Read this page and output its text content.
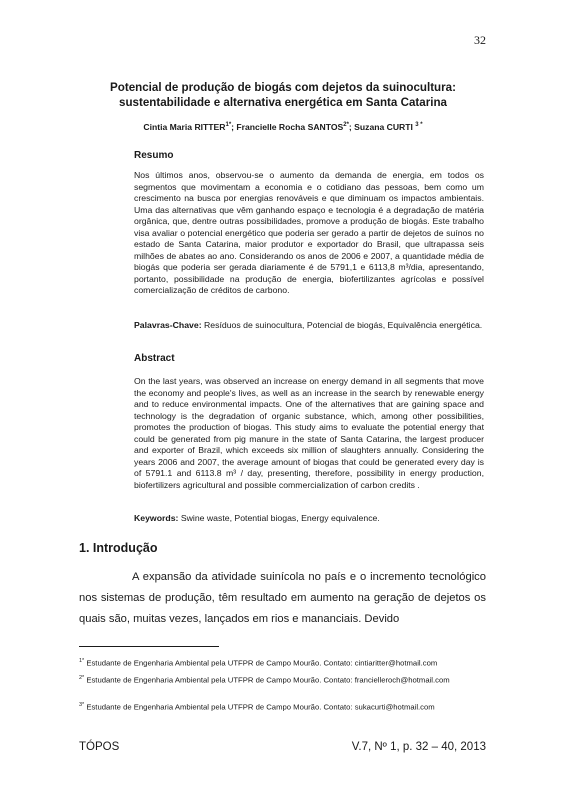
32
Potencial de produção de biogás com dejetos da suinocultura:
sustentabilidade e alternativa energética em Santa Catarina
Cintia Maria $RITTER^{1*}$; Francielle Rocha $SANTOS^{2*}$; Suzana CURTI $^{3 *}$
Resumo

Nos últimos anos, observou-se o aumento da demanda de energia, em todos os segmentos que movimentam a economia e o cotidiano das pessoas, bem como um crescimento na busca por energias renováveis e que diminuam os impactos ambientais. Uma das alternativas que vêm ganhando espaço e tecnologia é a degradação de matéria orgânica, que, dentre outras possibilidades, promove a produção de biogás. Este trabalho visa avaliar o potencial energético que poderia ser gerado a partir de dejetos de suínos no estado de Santa Catarina, maior produtor e exportador do Brasil, que ultrapassa seis milhões de abates ao ano. Considerando os anos de 2006 e 2007, a quantidade média de biogás que poderia ser gerada diariamente é de 5791,1 e 6113,8 m³/dia, apresentando, portanto, possibilidade na produção de energia, biofertilizantes agrícolas e possível comercialização de créditos de carbono.

Palavras-Chave: Resíduos de suinocultura, Potencial de biogás, Equivalência energética.

Abstract

On the last years, was observed an increase on energy demand in all segments that move the economy and people's lives, as well as an increase in the search by renewable energy and to reduce environmental impacts. One of the alternatives that are gaining space and technology is the degradation of organic substance, which, among other possibilities, promotes the production of biogas. This study aims to evaluate the potential energy that could be generated from pig manure in the state of Santa Catarina, the largest producer and exporter of Brazil, which exceeds six million of slaughters annually. Considering the years 2006 and 2007, the average amount of biogas that could be generated every day is of 5791.1 and 6113.8 m³ / day, presenting, therefore, possibility in energy production, biofertilizers agricultural and possible commercialization of carbon credits .

Keywords: Swine waste, Potential biogas, Energy equivalence.

1. Introdução

A expansão da atividade suinícola no país e o incremento tecnológico nos sistemas de produção, têm resultado em aumento na geração de dejetos os quais são, muitas vezes, lançados em rios e mananciais. Devido

$^{1*}$ Estudante de Engenharia Ambiental pela UTFPR de Campo Mourão. Contato: cintiaritter@hotmail.com

$^{2*}$ Estudante de Engenharia Ambiental pela UTFPR de Campo Mourão. Contato: francielleroch@hotmail.com

$^{3*}$ Estudante de Engenharia Ambiental pela UTFPR de Campo Mourão. Contato: sukacurti@hotmail.com

TÓPOS	V.7, Nº 1, p. 32 – 40, 2013
